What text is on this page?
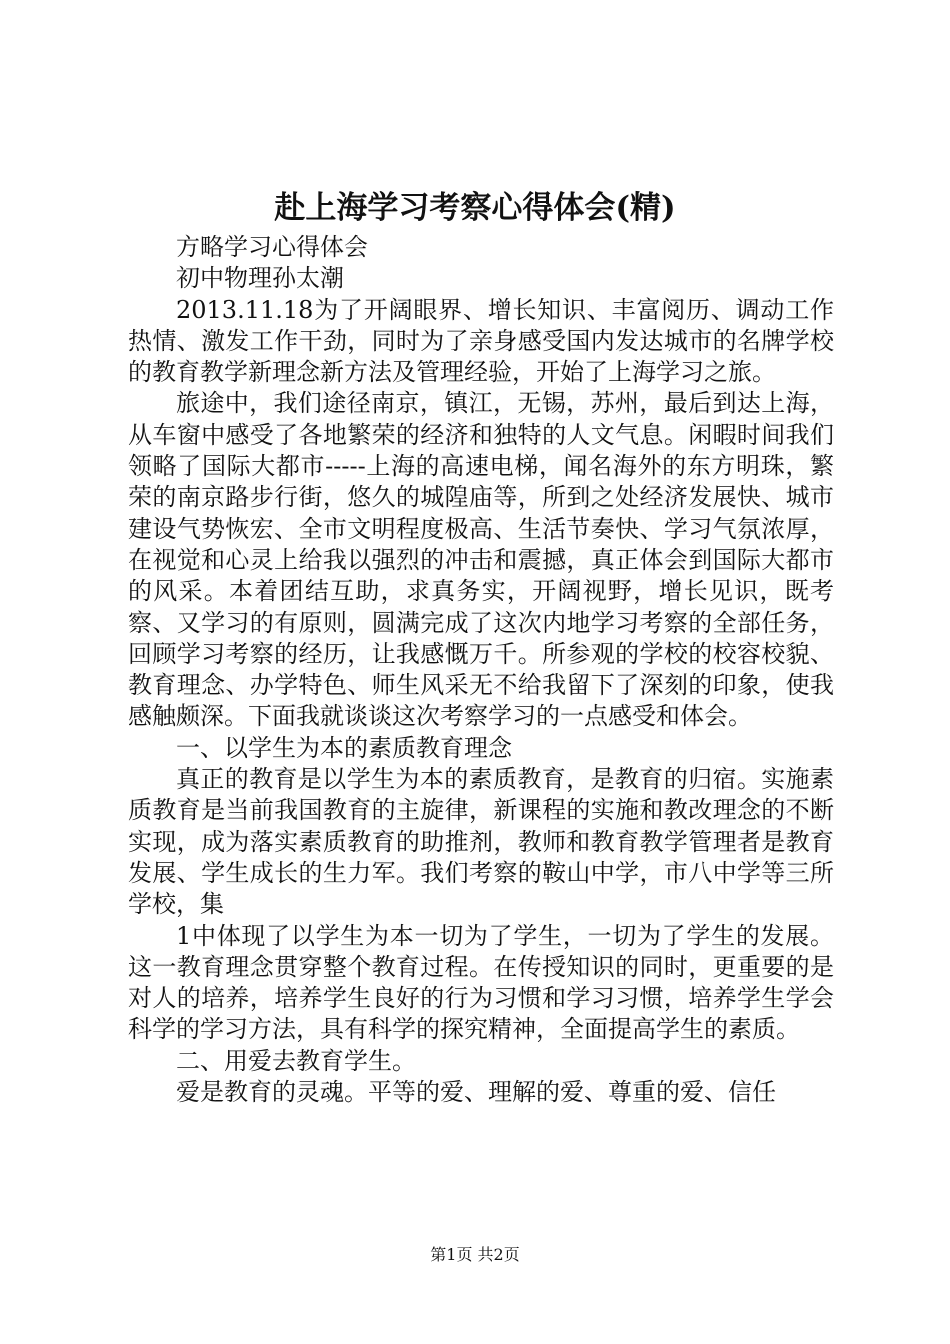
赴上海学习考察心得体会(精)

方略学习心得体会

初中物理孙太潮

2013.11.18为了开阔眼界、增长知识、丰富阅历、调动工作热情、激发工作干劲，同时为了亲身感受国内发达城市的名牌学校的教育教学新理念新方法及管理经验，开始了上海学习之旅。

旅途中，我们途径南京，镇江，无锡，苏州，最后到达上海，从车窗中感受了各地繁荣的经济和独特的人文气息。闲暇时间我们领略了国际大都市-----上海的高速电梯，闻名海外的东方明珠，繁荣的南京路步行街，悠久的城隍庙等，所到之处经济发展快、城市建设气势恢宏、全市文明程度极高、生活节奏快、学习气氛浓厚，在视觉和心灵上给我以强烈的冲击和震撼，真正体会到国际大都市的风采。本着团结互助，求真务实，开阔视野，增长见识，既考察、又学习的有原则，圆满完成了这次内地学习考察的全部任务，回顾学习考察的经历，让我感慨万千。所参观的学校的校容校貌、教育理念、办学特色、师生风采无不给我留下了深刻的印象，使我感触颇深。下面我就谈谈这次考察学习的一点感受和体会。

一、以学生为本的素质教育理念

真正的教育是以学生为本的素质教育，是教育的归宿。实施素质教育是当前我国教育的主旋律，新课程的实施和教改理念的不断实现，成为落实素质教育的助推剂，教师和教育教学管理者是教育发展、学生成长的生力军。我们考察的鞍山中学，市八中学等三所学校，集

1中体现了以学生为本一切为了学生，一切为了学生的发展。这一教育理念贯穿整个教育过程。在传授知识的同时，更重要的是对人的培养，培养学生良好的行为习惯和学习习惯，培养学生学会科学的学习方法，具有科学的探究精神，全面提高学生的素质。

二、用爱去教育学生。

爱是教育的灵魂。平等的爱、理解的爱、尊重的爱、信任

第1页 共2页
